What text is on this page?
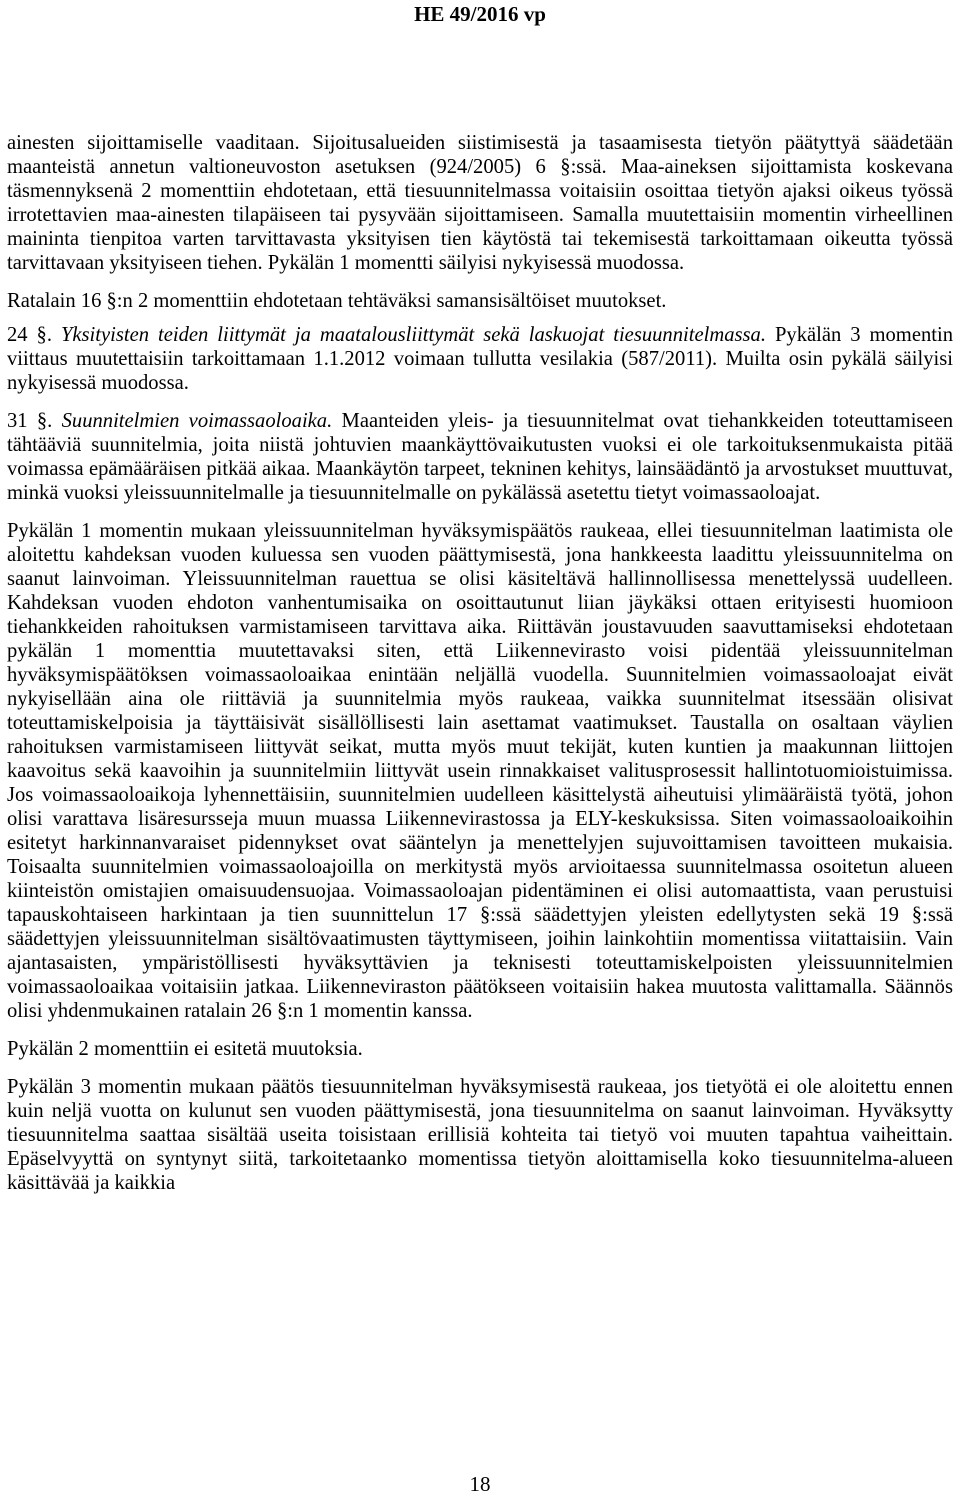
HE 49/2016 vp

ainesten sijoittamiselle vaaditaan. Sijoitusalueiden siistimisestä ja tasaamisesta tietyön päätyttyä säädetään maanteistä annetun valtioneuvoston asetuksen (924/2005) 6 §:ssä. Maa-aineksen sijoittamista koskevana täsmennyksenä 2 momenttiin ehdotetaan, että tiesuunnitelmassa voitaisiin osoittaa tietyön ajaksi oikeus työssä irrotettavien maa-ainesten tilapäiseen tai pysyvään sijoittamiseen. Samalla muutettaisiin momentin virheellinen maininta tienpitoa varten tarvittavasta yksityisen tien käytöstä tai tekemisestä tarkoittamaan oikeutta työssä tarvittavaan yksityiseen tiehen. Pykälän 1 momentti säilyisi nykyisessä muodossa.

Ratalain 16 §:n 2 momenttiin ehdotetaan tehtäväksi samansisältöiset muutokset.

24 §. Yksityisten teiden liittymät ja maatalousliittymät sekä laskuojat tiesuunnitelmassa. Pykälän 3 momentin viittaus muutettaisiin tarkoittamaan 1.1.2012 voimaan tullutta vesilakia (587/2011). Muilta osin pykälä säilyisi nykyisessä muodossa.

31 §. Suunnitelmien voimassaoloaika. Maanteiden yleis- ja tiesuunnitelmat ovat tiehankkeiden toteuttamiseen tähtääviä suunnitelmia, joita niistä johtuvien maankäyttövaikutusten vuoksi ei ole tarkoituksenmukaista pitää voimassa epämääräisen pitkää aikaa. Maankäytön tarpeet, tekninen kehitys, lainsäädäntö ja arvostukset muuttuvat, minkä vuoksi yleissuunnitelmalle ja tiesuunnitelmalle on pykälässä asetettu tietyt voimassaoloajat.

Pykälän 1 momentin mukaan yleissuunnitelman hyväksymispäätös raukeaa, ellei tiesuunnitelman laatimista ole aloitettu kahdeksan vuoden kuluessa sen vuoden päättymisestä, jona hankkeesta laadittu yleissuunnitelma on saanut lainvoiman. Yleissuunnitelman rauettua se olisi käsiteltävä hallinnollisessa menettelyssä uudelleen. Kahdeksan vuoden ehdoton vanhentumisaika on osoittautunut liian jäykäksi ottaen erityisesti huomioon tiehankkeiden rahoituksen varmistamiseen tarvittava aika. Riittävän joustavuuden saavuttamiseksi ehdotetaan pykälän 1 momenttia muutettavaksi siten, että Liikennevirasto voisi pidentää yleissuunnitelman hyväksymispäätöksen voimassaoloaikaa enintään neljällä vuodella. Suunnitelmien voimassaoloajat eivät nykyisellään aina ole riittäviä ja suunnitelmia myös raukeaa, vaikka suunnitelmat itsessään olisivat toteuttamiskelpoisia ja täyttäisivät sisällöllisesti lain asettamat vaatimukset. Taustalla on osaltaan väylien rahoituksen varmistamiseen liittyvät seikat, mutta myös muut tekijät, kuten kuntien ja maakunnan liittojen kaavoitus sekä kaavoihin ja suunnitelmiin liittyvät usein rinnakkaiset valitusprosessit hallintotuomioistuimissa. Jos voimassaoloaikoja lyhennettäisiin, suunnitelmien uudelleen käsittelystä aiheutuisi ylimääräistä työtä, johon olisi varattava lisäresursseja muun muassa Liikennevirastossa ja ELY-keskuksissa. Siten voimassaoloaikoihin esitetyt harkinnanvaraiset pidennykset ovat sääntelyn ja menettelyjen sujuvoittamisen tavoitteen mukaisia. Toisaalta suunnitelmien voimassaoloajoilla on merkitystä myös arvioitaessa suunnitelmassa osoitetun alueen kiinteistön omistajien omaisuudensuojaa. Voimassaoloajan pidentäminen ei olisi automaattista, vaan perustuisi tapauskohtaiseen harkintaan ja tien suunnittelun 17 §:ssä säädettyjen yleisten edellytysten sekä 19 §:ssä säädettyjen yleissuunnitelman sisältövaatimusten täyttymiseen, joihin lainkohtiin momentissa viitattaisiin. Vain ajantasaisten, ympäristöllisesti hyväksyttävien ja teknisesti toteuttamiskelpoisten yleissuunnitelmien voimassaoloaikaa voitaisiin jatkaa. Liikenneviraston päätökseen voitaisiin hakea muutosta valittamalla. Säännös olisi yhdenmukainen ratalain 26 §:n 1 momentin kanssa.

Pykälän 2 momenttiin ei esitetä muutoksia.

Pykälän 3 momentin mukaan päätös tiesuunnitelman hyväksymisestä raukeaa, jos tietyötä ei ole aloitettu ennen kuin neljä vuotta on kulunut sen vuoden päättymisestä, jona tiesuunnitelma on saanut lainvoiman. Hyväksytty tiesuunnitelma saattaa sisältää useita toisistaan erillisiä kohteita tai tietyö voi muuten tapahtua vaiheittain. Epäselvyyttä on syntynyt siitä, tarkoitetaanko momentissa tietyön aloittamisella koko tiesuunnitelma-alueen käsittävää ja kaikkia

18
